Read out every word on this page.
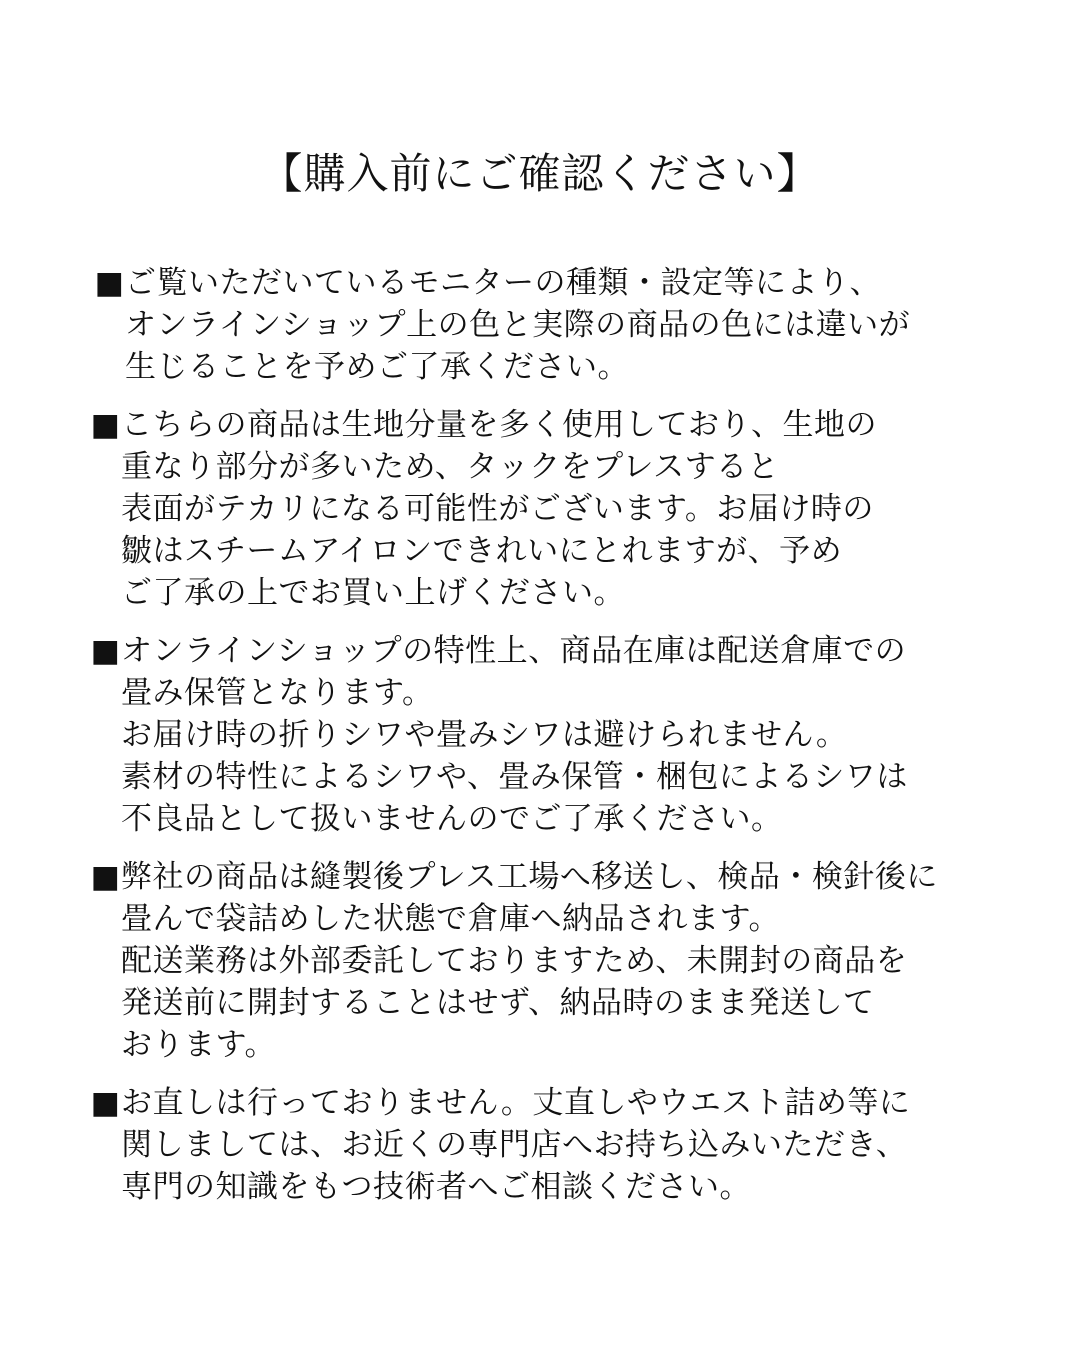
【購入前にご確認ください】
■ご覧いただいているモニターの種類・設定等により、
オンラインショップ上の色と実際の商品の色には違いが
生じることを予めご了承ください。
■こちらの商品は生地分量を多く使用しており、生地の
重なり部分が多いため、タックをプレスすると
表面がテカリになる可能性がございます。お届け時の
皺はスチームアイロンできれいにとれますが、予め
ご了承の上でお買い上げください。
■オンラインショップの特性上、商品在庫は配送倉庫での
畳み保管となります。
お届け時の折りシワや畳みシワは避けられません。
素材の特性によるシワや、畳み保管・梱包によるシワは
不良品として扱いませんのでご了承ください。
■弊社の商品は縫製後プレス工場へ移送し、検品・検針後に
畳んで袋詰めした状態で倉庫へ納品されます。
配送業務は外部委託しておりますため、未開封の商品を
発送前に開封することはせず、納品時のまま発送して
おります。
■お直しは行っておりません。丈直しやウエスト詰め等に
関しましては、お近くの専門店へお持ち込みいただき、
専門の知識をもつ技術者へご相談ください。
